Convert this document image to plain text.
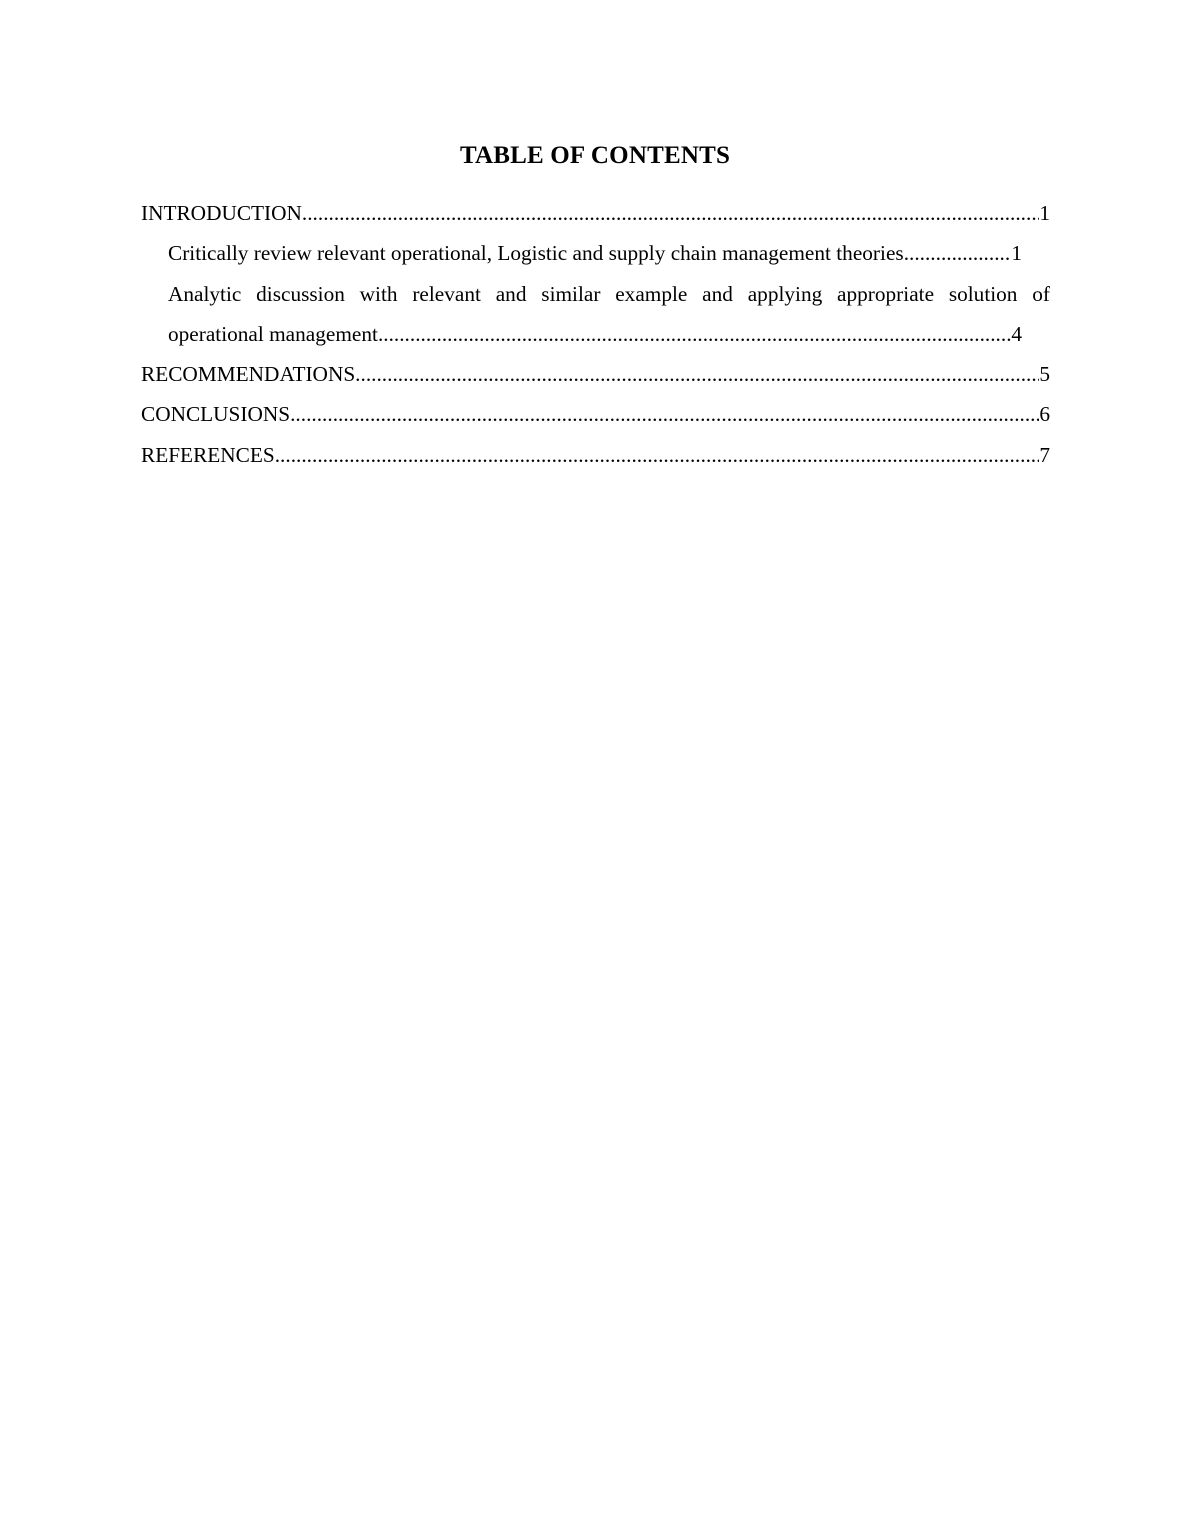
TABLE OF CONTENTS
INTRODUCTION .....	1
Critically review relevant operational, Logistic and supply chain management theories .....	1
Analytic discussion with relevant and similar example and applying appropriate solution of
operational management .....	4
RECOMMENDATIONS .....	5
CONCLUSIONS .....	6
REFERENCES .....	7
